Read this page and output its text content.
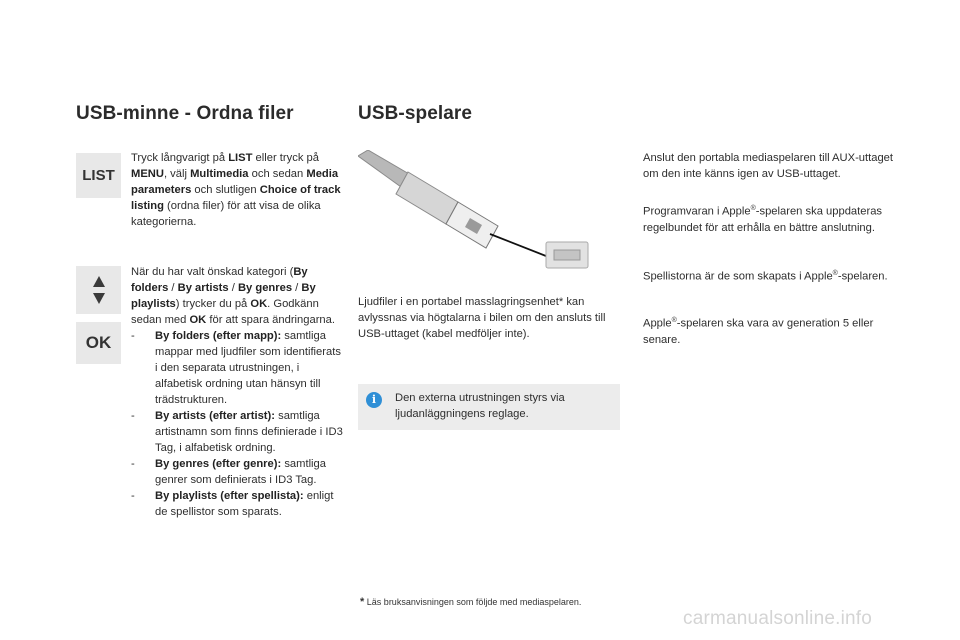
USB-minne - Ordna filer
LIST
Tryck långvarigt på LIST eller tryck på MENU, välj Multimedia och sedan Media parameters och slutligen Choice of track listing (ordna filer) för att visa de olika kategorierna.
OK
När du har valt önskad kategori (By folders / By artists / By genres / By playlists) trycker du på OK. Godkänn sedan med OK för att spara ändringarna.
- By folders (efter mapp): samtliga mappar med ljudfiler som identifierats i den separata utrustningen, i alfabetisk ordning utan hänsyn till trädstrukturen.
- By artists (efter artist): samtliga artistnamn som finns definierade i ID3 Tag, i alfabetisk ordning.
- By genres (efter genre): samtliga genrer som definierats i ID3 Tag.
- By playlists (efter spellista): enligt de spellistor som sparats.
USB-spelare
Ljudfiler i en portabel masslagringsenhet* kan avlyssnas via högtalarna i bilen om den ansluts till USB-uttaget (kabel medföljer inte).
i	Den externa utrustningen styrs via ljudanläggningens reglage.
* Läs bruksanvisningen som följde med mediaspelaren.
Anslut den portabla mediaspelaren till AUX-uttaget om den inte känns igen av USB-uttaget.
Programvaran i Apple®-spelaren ska uppdateras regelbundet för att erhålla en bättre anslutning.
Spellistorna är de som skapats i Apple®-spelaren.
Apple®-spelaren ska vara av generation 5 eller senare.
carmanualsonline.info
